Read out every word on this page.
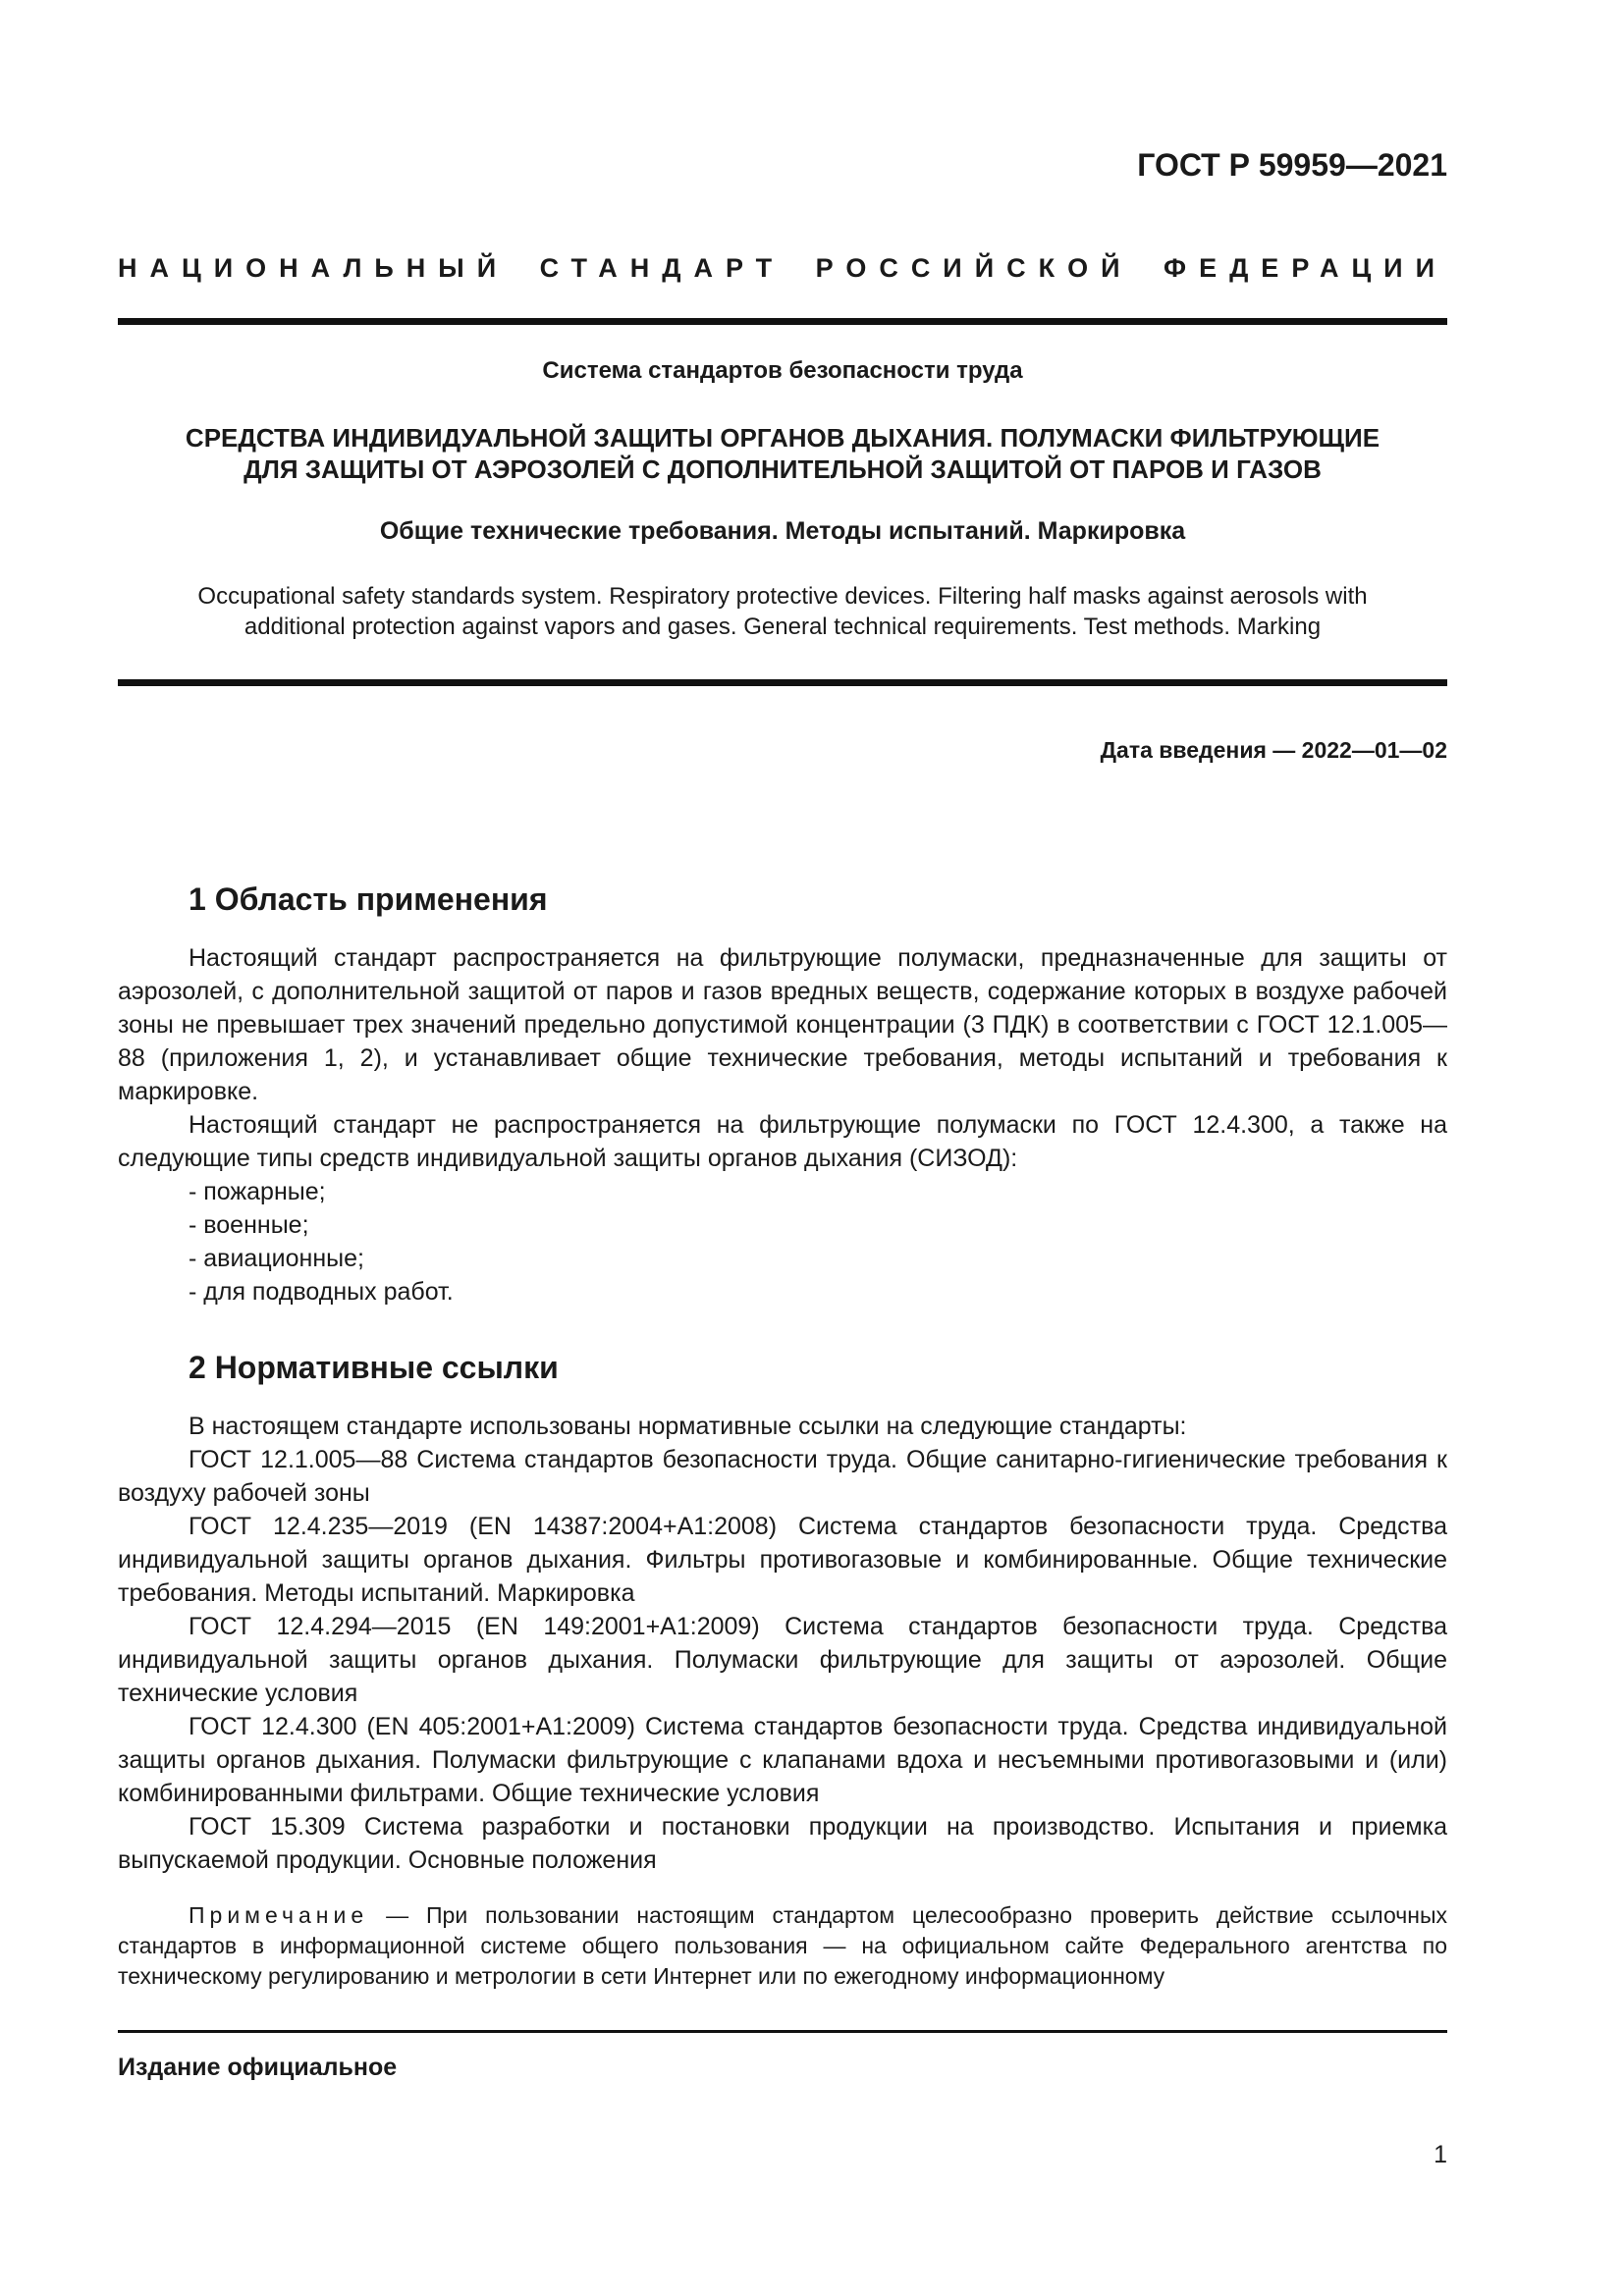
ГОСТ Р 59959—2021

НАЦИОНАЛЬНЫЙ СТАНДАРТ РОССИЙСКОЙ ФЕДЕРАЦИИ

Система стандартов безопасности труда
СРЕДСТВА ИНДИВИДУАЛЬНОЙ ЗАЩИТЫ ОРГАНОВ ДЫХАНИЯ. ПОЛУМАСКИ ФИЛЬТРУЮЩИЕ
ДЛЯ ЗАЩИТЫ ОТ АЭРОЗОЛЕЙ С ДОПОЛНИТЕЛЬНОЙ ЗАЩИТОЙ ОТ ПАРОВ И ГАЗОВ
Общие технические требования. Методы испытаний. Маркировка
Occupational safety standards system. Respiratory protective devices. Filtering half masks against aerosols with
additional protection against vapors and gases. General technical requirements. Test methods. Marking
Дата введения — 2022—01—02
1 Область применения

Настоящий стандарт распространяется на фильтрующие полумаски, предназначенные для защиты от аэрозолей, с дополнительной защитой от паров и газов вредных веществ, содержание которых в воздухе рабочей зоны не превышает трех значений предельно допустимой концентрации (3 ПДК) в соответствии с ГОСТ 12.1.005—88 (приложения 1, 2), и устанавливает общие технические требования, методы испытаний и требования к маркировке.

Настоящий стандарт не распространяется на фильтрующие полумаски по ГОСТ 12.4.300, а также на следующие типы средств индивидуальной защиты органов дыхания (СИЗОД):

- пожарные;
- военные;
- авиационные;
- для подводных работ.
2 Нормативные ссылки

В настоящем стандарте использованы нормативные ссылки на следующие стандарты:

ГОСТ 12.1.005—88 Система стандартов безопасности труда. Общие санитарно-гигиенические требования к воздуху рабочей зоны

ГОСТ 12.4.235—2019 (EN 14387:2004+A1:2008) Система стандартов безопасности труда. Средства индивидуальной защиты органов дыхания. Фильтры противогазовые и комбинированные. Общие технические требования. Методы испытаний. Маркировка

ГОСТ 12.4.294—2015 (EN 149:2001+A1:2009) Система стандартов безопасности труда. Средства индивидуальной защиты органов дыхания. Полумаски фильтрующие для защиты от аэрозолей. Общие технические условия

ГОСТ 12.4.300 (EN 405:2001+A1:2009) Система стандартов безопасности труда. Средства индивидуальной защиты органов дыхания. Полумаски фильтрующие с клапанами вдоха и несъемными противогазовыми и (или) комбинированными фильтрами. Общие технические условия

ГОСТ 15.309 Система разработки и постановки продукции на производство. Испытания и приемка выпускаемой продукции. Основные положения

Примечание — При пользовании настоящим стандартом целесообразно проверить действие ссылочных стандартов в информационной системе общего пользования — на официальном сайте Федерального агентства по техническому регулированию и метрологии в сети Интернет или по ежегодному информационному

Издание официальное
1
